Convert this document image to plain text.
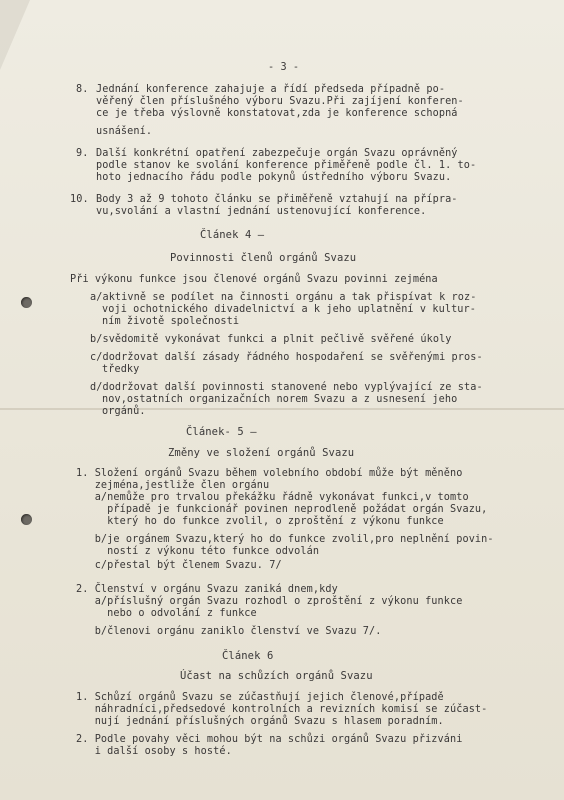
- 3 -
8. Jednání konference zahajuje a řídí předseda případně po-
věřený člen příslušného výboru Svazu.Při zajíjení konferen-
ce je třeba výslovně konstatovat,zda je konference schopná
usnášení.
9. Další konkrétní opatření zabezpečuje orgán Svazu oprávněný
podle stanov ke svolání konference přiměřeně podle čl. 1. to-
hoto jednacího řádu podle pokynů ústředního výboru Svazu.
10. Body 3 až 9 tohoto článku se přiměřeně vztahují na přípra-
vu,svolání a vlastní jednání ustenovující konference.
Článek 4 –
Povinnosti členů orgánů Svazu
Při výkonu funkce jsou členové orgánů Svazu povinni zejména
a/aktivně se podílet na činnosti orgánu a tak přispívat k roz-
voji ochotnického divadelnictví a k jeho uplatnění v kultur-
ním životě společnosti
b/svědomitě vykonávat funkci a plnit pečlivě svěřené úkoly
c/dodržovat další zásady řádného hospodaření se svěřenými pros-
tředky
d/dodržovat další povinnosti stanovené nebo vyplývající ze sta-
nov,ostatních organizačních norem Svazu a z usnesení jeho
orgánů.
Článek- 5 –
Změny ve složení orgánů Svazu
1. Složení orgánů Svazu během volebního období může být měněno
zejména,jestliže člen orgánu
a/nemůže pro trvalou překážku řádně vykonávat funkci,v tomto
případě je funkcionář povinen neprodleně požádat orgán Svazu,
který ho do funkce zvolil, o zproštění z výkonu funkce
b/je orgánem Svazu,který ho do funkce zvolil,pro neplnění povin-
ností z výkonu této funkce odvolán
c/přestal být členem Svazu. 7/
2. Členství v orgánu Svazu zaniká dnem,kdy
a/příslušný orgán Svazu rozhodl o zproštění z výkonu funkce
nebo o odvolání z funkce
b/členovi orgánu zaniklo členství ve Svazu 7/.
Článek 6
Účast na schůzích orgánů Svazu
1. Schůzí orgánů Svazu se zúčastňují jejich členové,případě
náhradníci,předsedové kontrolních a revizních komisí se zúčast-
nují jednání příslušných orgánů Svazu s hlasem poradním.
2. Podle povahy věci mohou být na schůzi orgánů Svazu přizváni
i další osoby s hosté.
